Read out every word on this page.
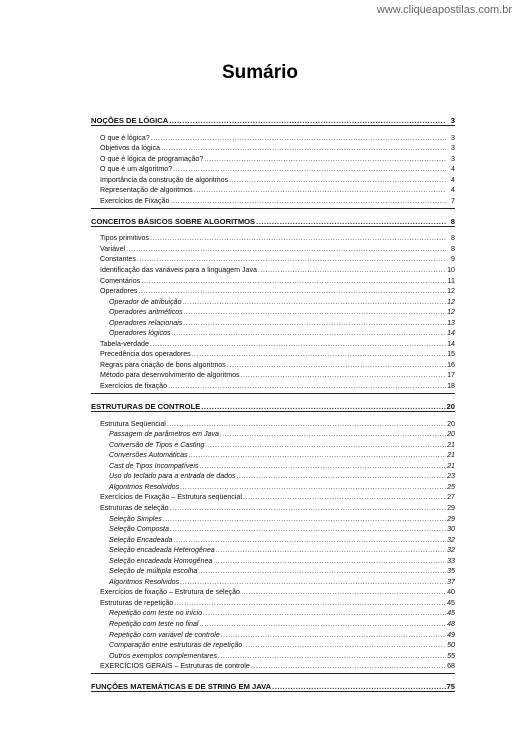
www.cliqueapostilas.com.br
Sumário
NOÇÕES DE LÓGICA .....	3
O que é lógica? .....	3
Objetivos da lógica .....	3
O que é lógica de programação? .....	3
O que é um algoritmo? .....	4
Importância da construção de algoritmos .....	4
Representação de algoritmos .....	4
Exercícios de Fixação .....	7
CONCEITOS BÁSICOS SOBRE ALGORITMOS .....	8
Tipos primitivos .....	8
Variável .....	8
Constantes .....	9
Identificação das variáveis para a linguagem Java .....	10
Comentários .....	11
Operadores .....	12
Operador de atribuição .....	12
Operadores aritméticos .....	12
Operadores relacionais .....	13
Operadores lógicos .....	14
Tabela-verdade .....	14
Precedência dos operadores .....	15
Regras para criação de bons algoritmos .....	16
Método para desenvolvimento de algoritmos .....	17
Exercícios de fixação .....	18
ESTRUTURAS DE CONTROLE .....	20
Estrutura Seqüencial .....	20
Passagem de parâmetros em Java .....	20
Conversão de Tipos e Casting .....	21
Conversões Automáticas .....	21
Cast de Tipos Incompatíveis .....	21
Uso do teclado para a entrada de dados .....	23
Algoritmos Resolvidos .....	25
Exercícios de Fixação – Estrutura seqüencial .....	27
Estruturas de seleção .....	29
Seleção Simples .....	29
Seleção Composta .....	30
Seleção Encadeada .....	32
Seleção encadeada Heterogênea .....	32
Seleção encadeada Homogênea .....	33
Seleção de múltipla escolha .....	35
Algoritmos Resolvidos .....	37
Exercícios de fixação – Estrutura de seleção .....	40
Estruturas de repetição .....	45
Repetição com teste no início .....	45
Repetição com teste no final .....	48
Repetição com variável de controle .....	49
Comparação entre estruturas de repetição .....	50
Outros exemplos complementares .....	55
EXERCÍCIOS GERAIS – Estruturas de controle .....	68
FUNÇÕES MATEMÁTICAS E DE STRING EM JAVA .....	75
